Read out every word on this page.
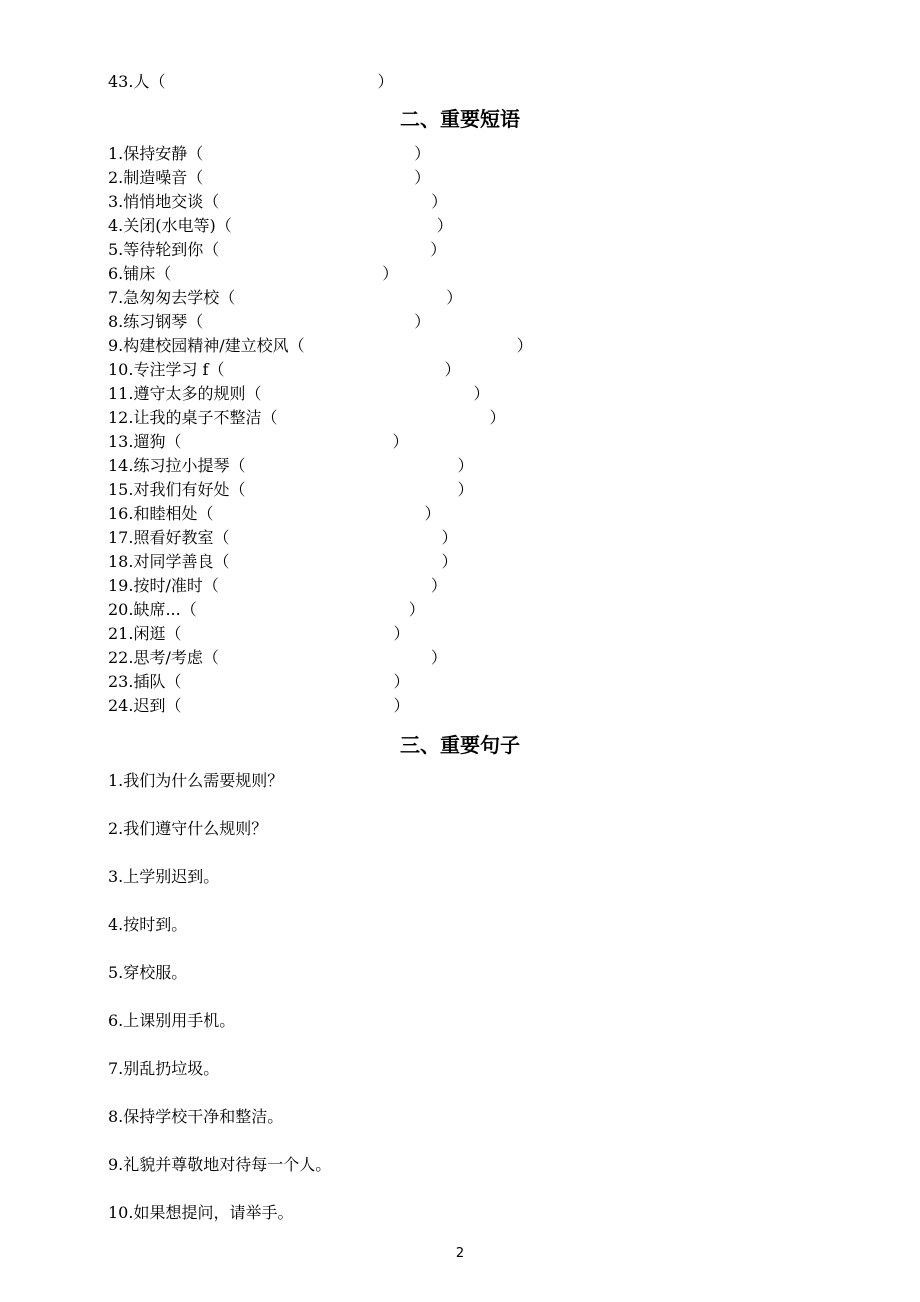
43.人（	）
二、重要短语
1.保持安静（	）
2.制造噪音（	）
3.悄悄地交谈（	）
4.关闭(水电等)（	）
5.等待轮到你（	）
6.铺床（	）
7.急匆匆去学校（	）
8.练习钢琴（	）
9.构建校园精神/建立校风（	）
10.专注学习 f（	）
11.遵守太多的规则（	）
12.让我的桌子不整洁（	）
13.遛狗（	）
14.练习拉小提琴（	）
15.对我们有好处（	）
16.和睦相处（	）
17.照看好教室（	）
18.对同学善良（	）
19.按时/准时（	）
20.缺席...（	）
21.闲逛（	）
22.思考/考虑（	）
23.插队（	）
24.迟到（	）
三、重要句子
1.我们为什么需要规则？
2.我们遵守什么规则？
3.上学别迟到。
4.按时到。
5.穿校服。
6.上课别用手机。
7.别乱扔垃圾。
8.保持学校干净和整洁。
9.礼貌并尊敬地对待每一个人。
10.如果想提问，请举手。
2
